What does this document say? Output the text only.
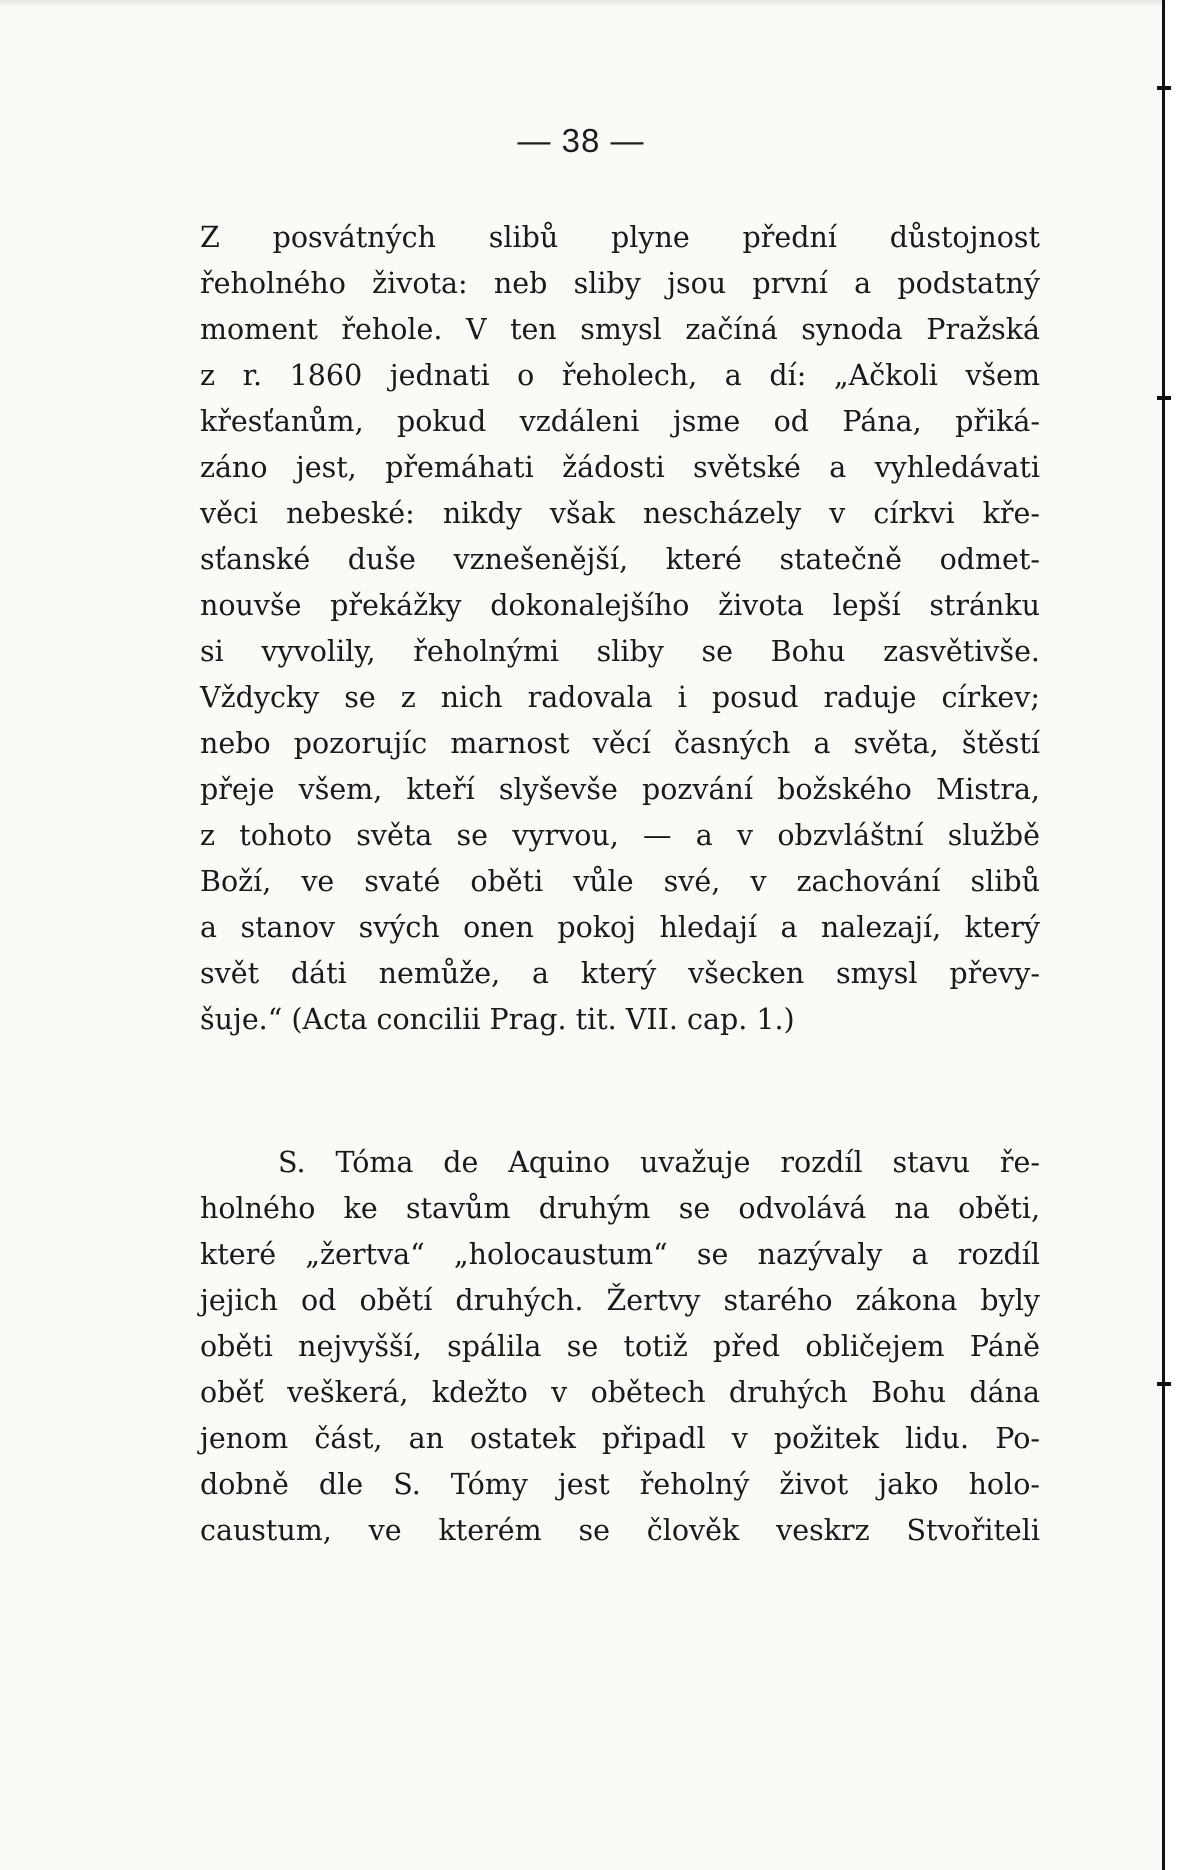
— 38 —
Z posvátných slibů plyne přední důstojnost
řeholného života: neb sliby jsou první a podstatný
moment řehole. V ten smysl začíná synoda Pražská
z r. 1860 jednati o řeholech, a dí: „Ačkoli všem
křesťanům, pokud vzdáleni jsme od Pána, přiká-
záno jest, přemáhati žádosti světské a vyhledávati
věci nebeské: nikdy však nescházely v církvi kře-
sťanské duše vznešenější, které statečně odmet-
nouvše překážky dokonalejšího života lepší stránku
si vyvolily, řeholnými sliby se Bohu zasvětivše.
Vždycky se z nich radovala i posud raduje církev;
nebo pozorujíc marnost věcí časných a světa, štěstí
přeje všem, kteří slyševše pozvání božského Mistra,
z tohoto světa se vyrvou, — a v obzvláštní službě
Boží, ve svaté oběti vůle své, v zachování slibů
a stanov svých onen pokoj hledají a nalezají, který
svět dáti nemůže, a který všecken smysl převy-
šuje.“ (Acta concilii Prag. tit. VII. cap. 1.)
S. Tóma de Aquino uvažuje rozdíl stavu ře-
holného ke stavům druhým se odvolává na oběti,
které „žertva“ „holocaustum“ se nazývaly a rozdíl
jejich od obětí druhých. Žertvy starého zákona byly
oběti nejvyšší, spálila se totiž před obličejem Páně
oběť veškerá, kdežto v obětech druhých Bohu dána
jenom část, an ostatek připadl v požitek lidu. Po-
dobně dle S. Tómy jest řeholný život jako holo-
caustum, ve kterém se člověk veskrz Stvořiteli
